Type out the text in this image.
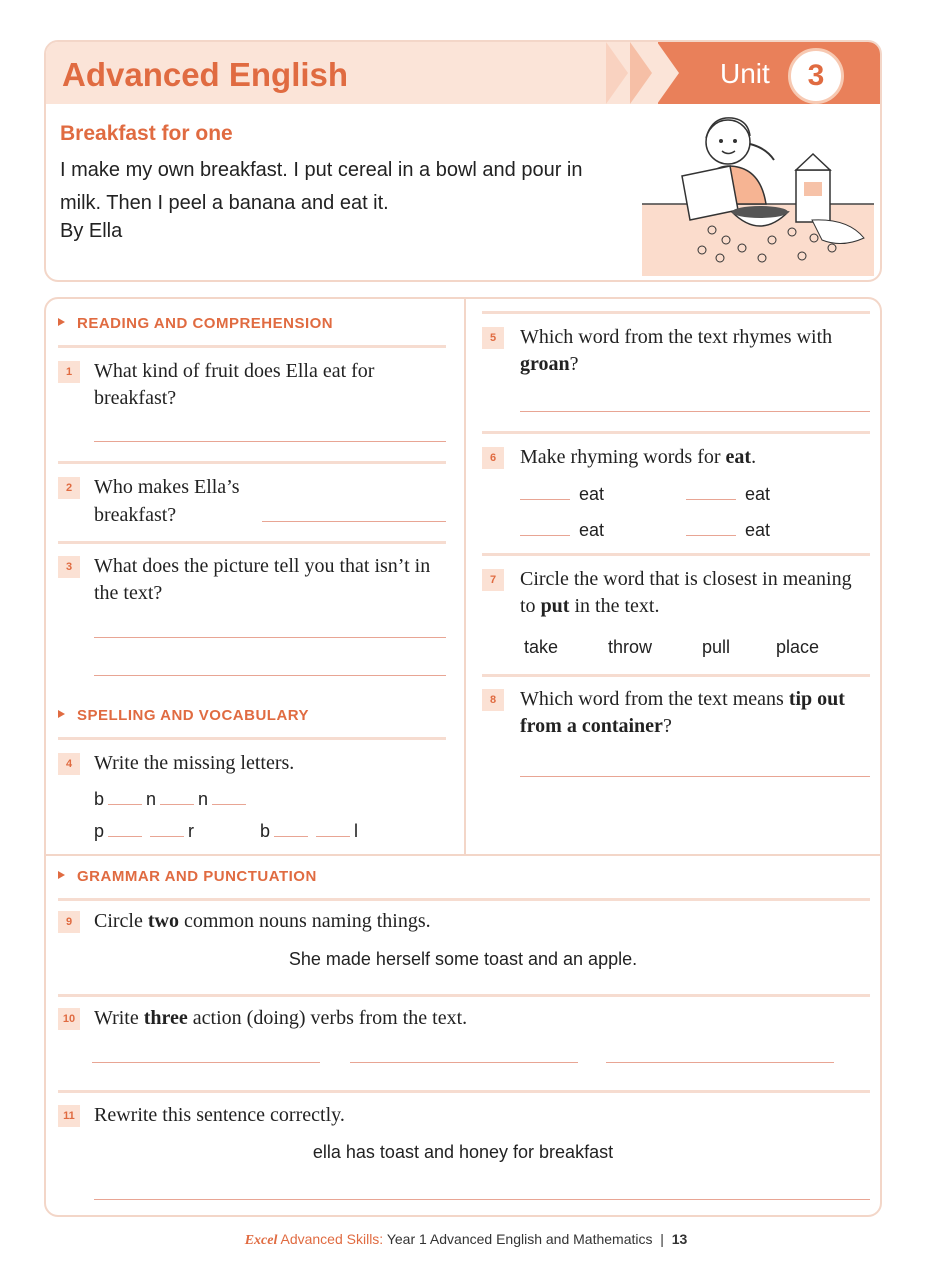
Advanced English	Unit	3
Breakfast for one
I make my own breakfast. I put cereal in a bowl and pour in milk. Then I peel a banana and eat it.
By Ella
READING AND COMPREHENSION
1	What kind of fruit does Ella eat for breakfast?
2	Who makes Ella’s
breakfast?
3	What does the picture tell you that isn’t in the text?
SPELLING AND VOCABULARY
4	Write the missing letters.
b n n
p	r	b	l
5	Which word from the text rhymes with groan?
6	Make rhyming words for eat.
eat	eat
eat	eat
7	Circle the word that is closest in meaning to put in the text.
take	throw	pull	place
8	Which word from the text means tip out from a container?
GRAMMAR AND PUNCTUATION
9	Circle two common nouns naming things.
She made herself some toast and an apple.
10 Write three action (doing) verbs from the text.
11 Rewrite this sentence correctly.
ella has toast and honey for breakfast
Excel Advanced Skills: Year 1 Advanced English and Mathematics | 13
